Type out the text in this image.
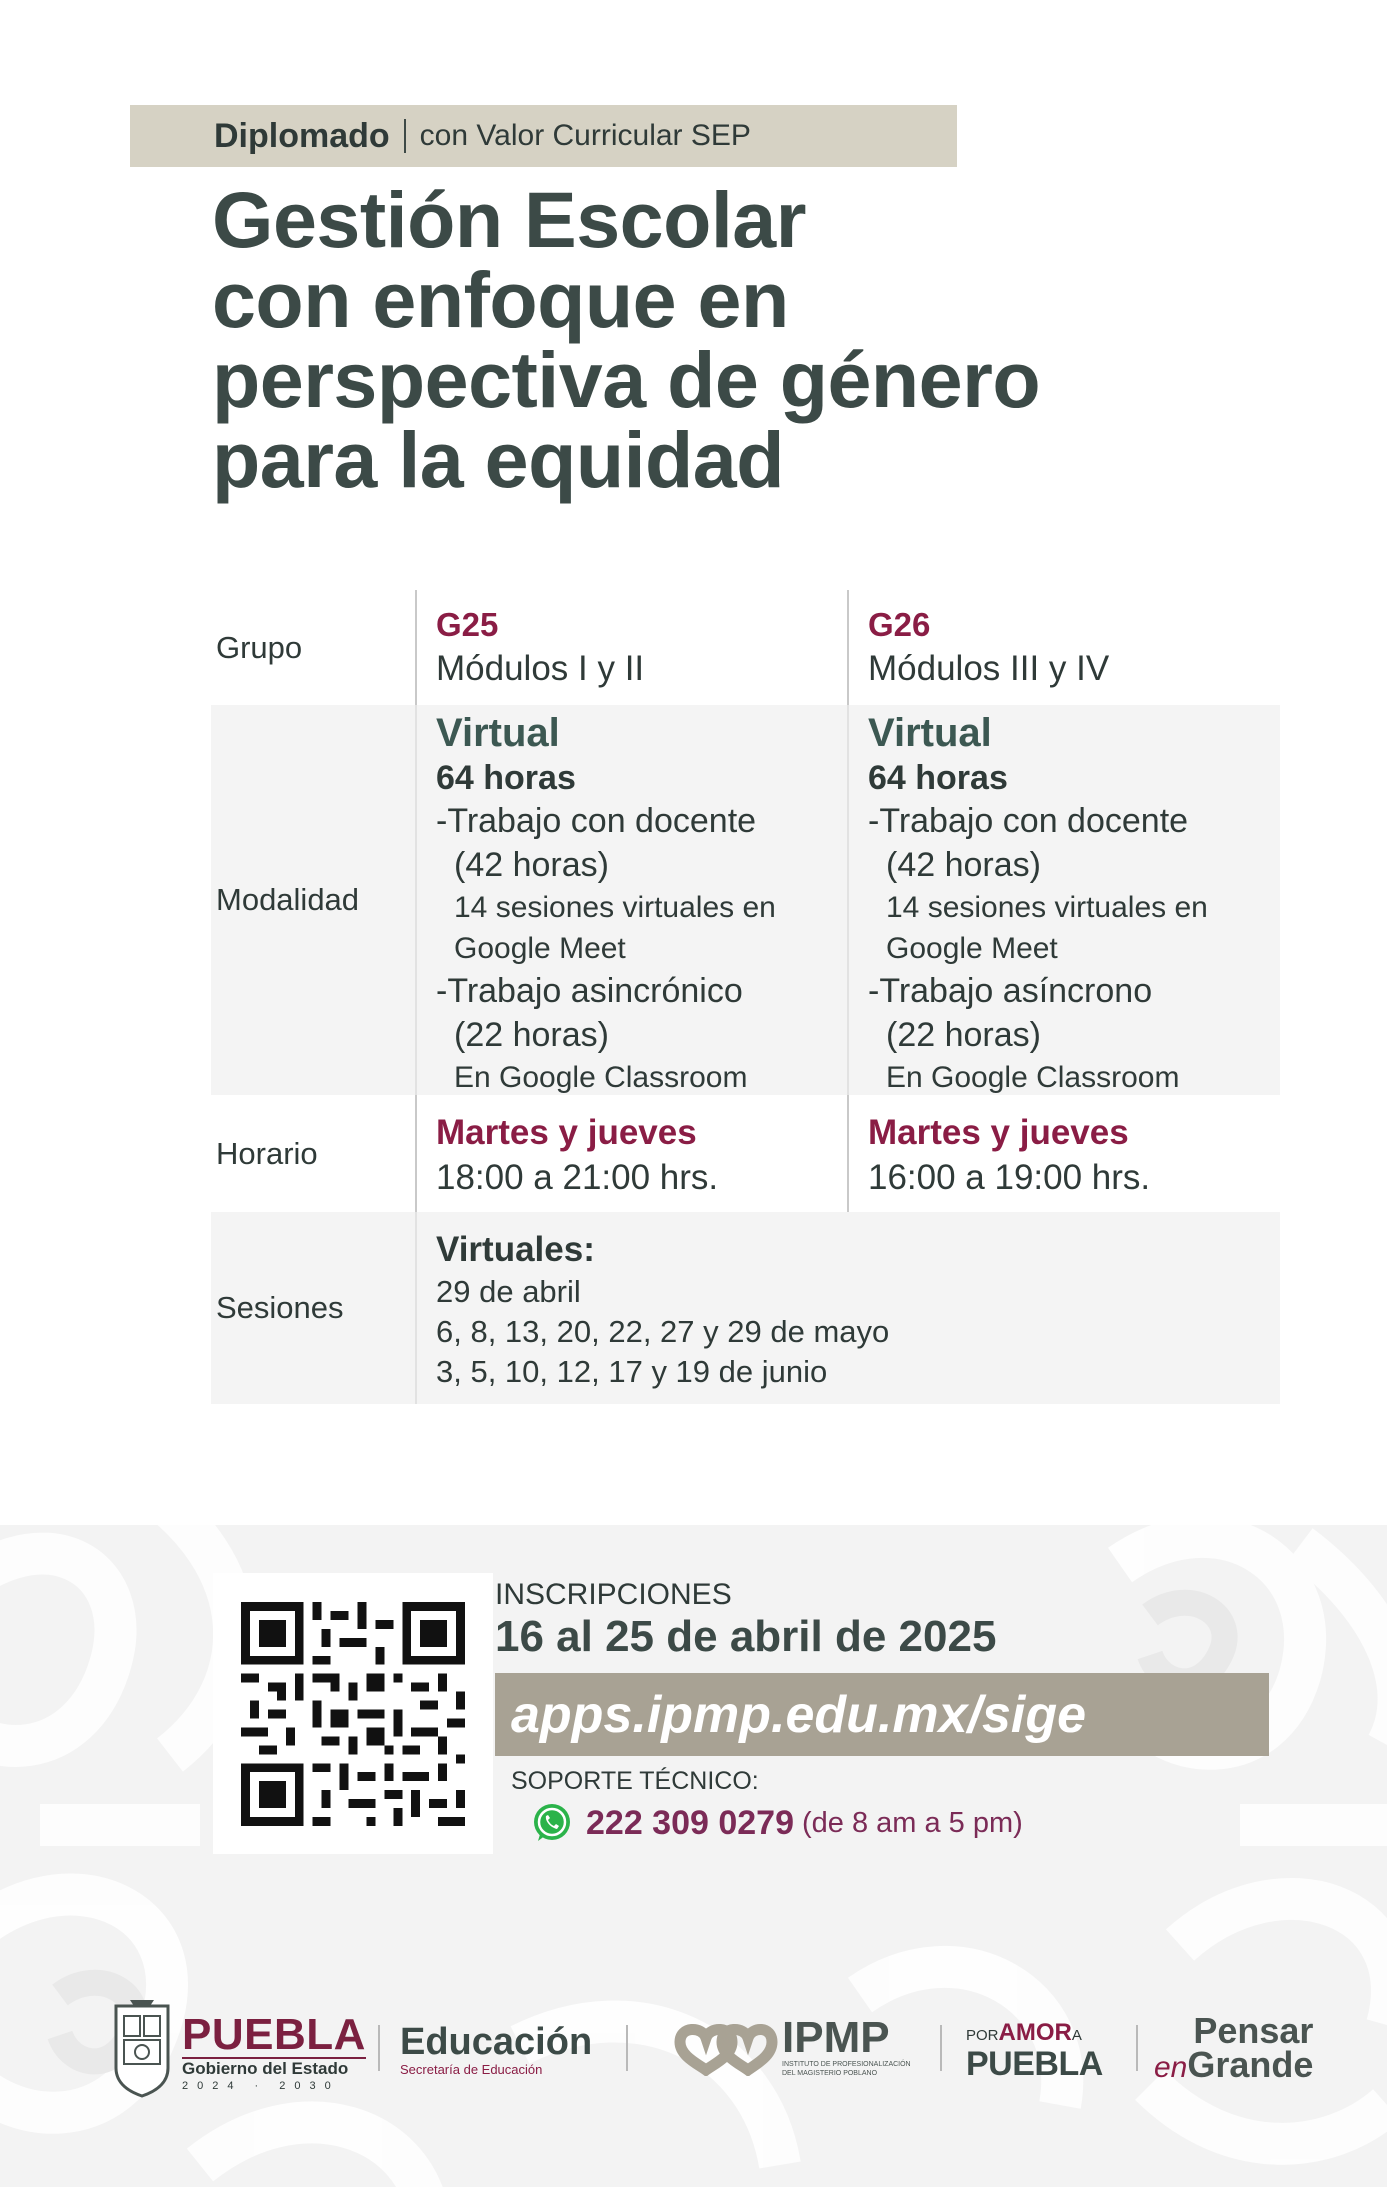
Diplomado con Valor Curricular SEP
Gestión Escolar
con enfoque en
perspectiva de género
para la equidad
Grupo
G25
Módulos I y II
G26
Módulos III y IV
Modalidad
Virtual
64 horas
-Trabajo con docente
(42 horas)
14 sesiones virtuales en
Google Meet
-Trabajo asincrónico
(22 horas)
En Google Classroom
Virtual
64 horas
-Trabajo con docente
(42 horas)
14 sesiones virtuales en
Google Meet
-Trabajo asíncrono
(22 horas)
En Google Classroom
Horario
Martes y jueves
18:00 a 21:00 hrs.
Martes y jueves
16:00 a 19:00 hrs.
Sesiones
Virtuales:
29 de abril
6, 8, 13, 20, 22, 27 y 29 de mayo
3, 5, 10, 12, 17 y 19 de junio
INSCRIPCIONES
16 al 25 de abril de 2025
apps.ipmp.edu.mx/sige
SOPORTE TÉCNICO:
222 309 0279 (de 8 am a 5 pm)
PUEBLA
Gobierno del Estado
2024 · 2030
Educación
Secretaría de Educación
IPMP
INSTITUTO DE PROFESIONALIZACIÓN DEL MAGISTERIO POBLANO
PORAMORA
PUEBLA
Pensar
enGrande
